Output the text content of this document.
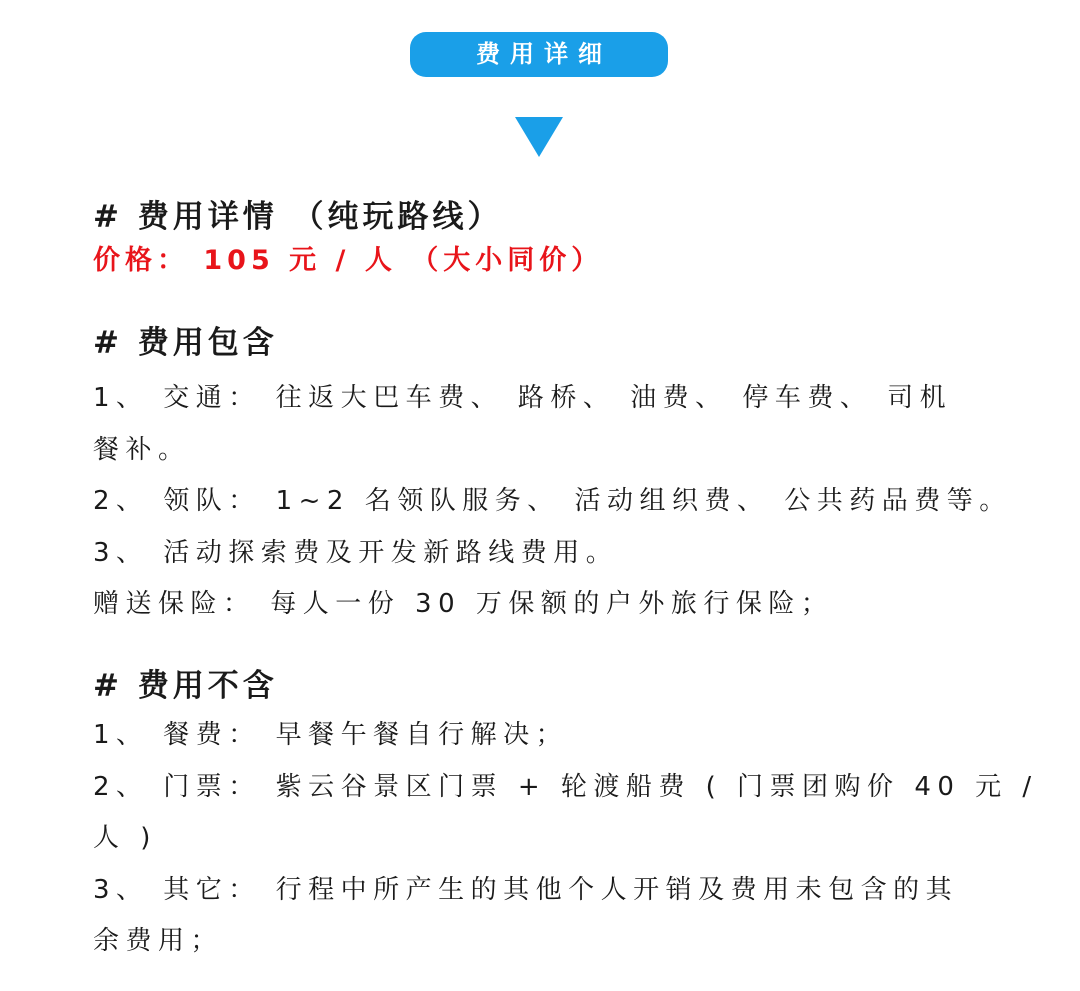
费用详细
# 费用详情 （纯玩路线）
价格： 105 元 / 人 （大小同价）
# 费用包含
1、 交通： 往返大巴车费、 路桥、 油费、 停车费、 司机
餐补。
2、 领队： 1~2 名领队服务、 活动组织费、 公共药品费等。
3、 活动探索费及开发新路线费用。
赠送保险： 每人一份 30 万保额的户外旅行保险；
# 费用不含
1、 餐费： 早餐午餐自行解决；
2、 门票： 紫云谷景区门票 + 轮渡船费 ( 门票团购价 40 元 /
人 )
3、 其它： 行程中所产生的其他个人开销及费用未包含的其
余费用；
